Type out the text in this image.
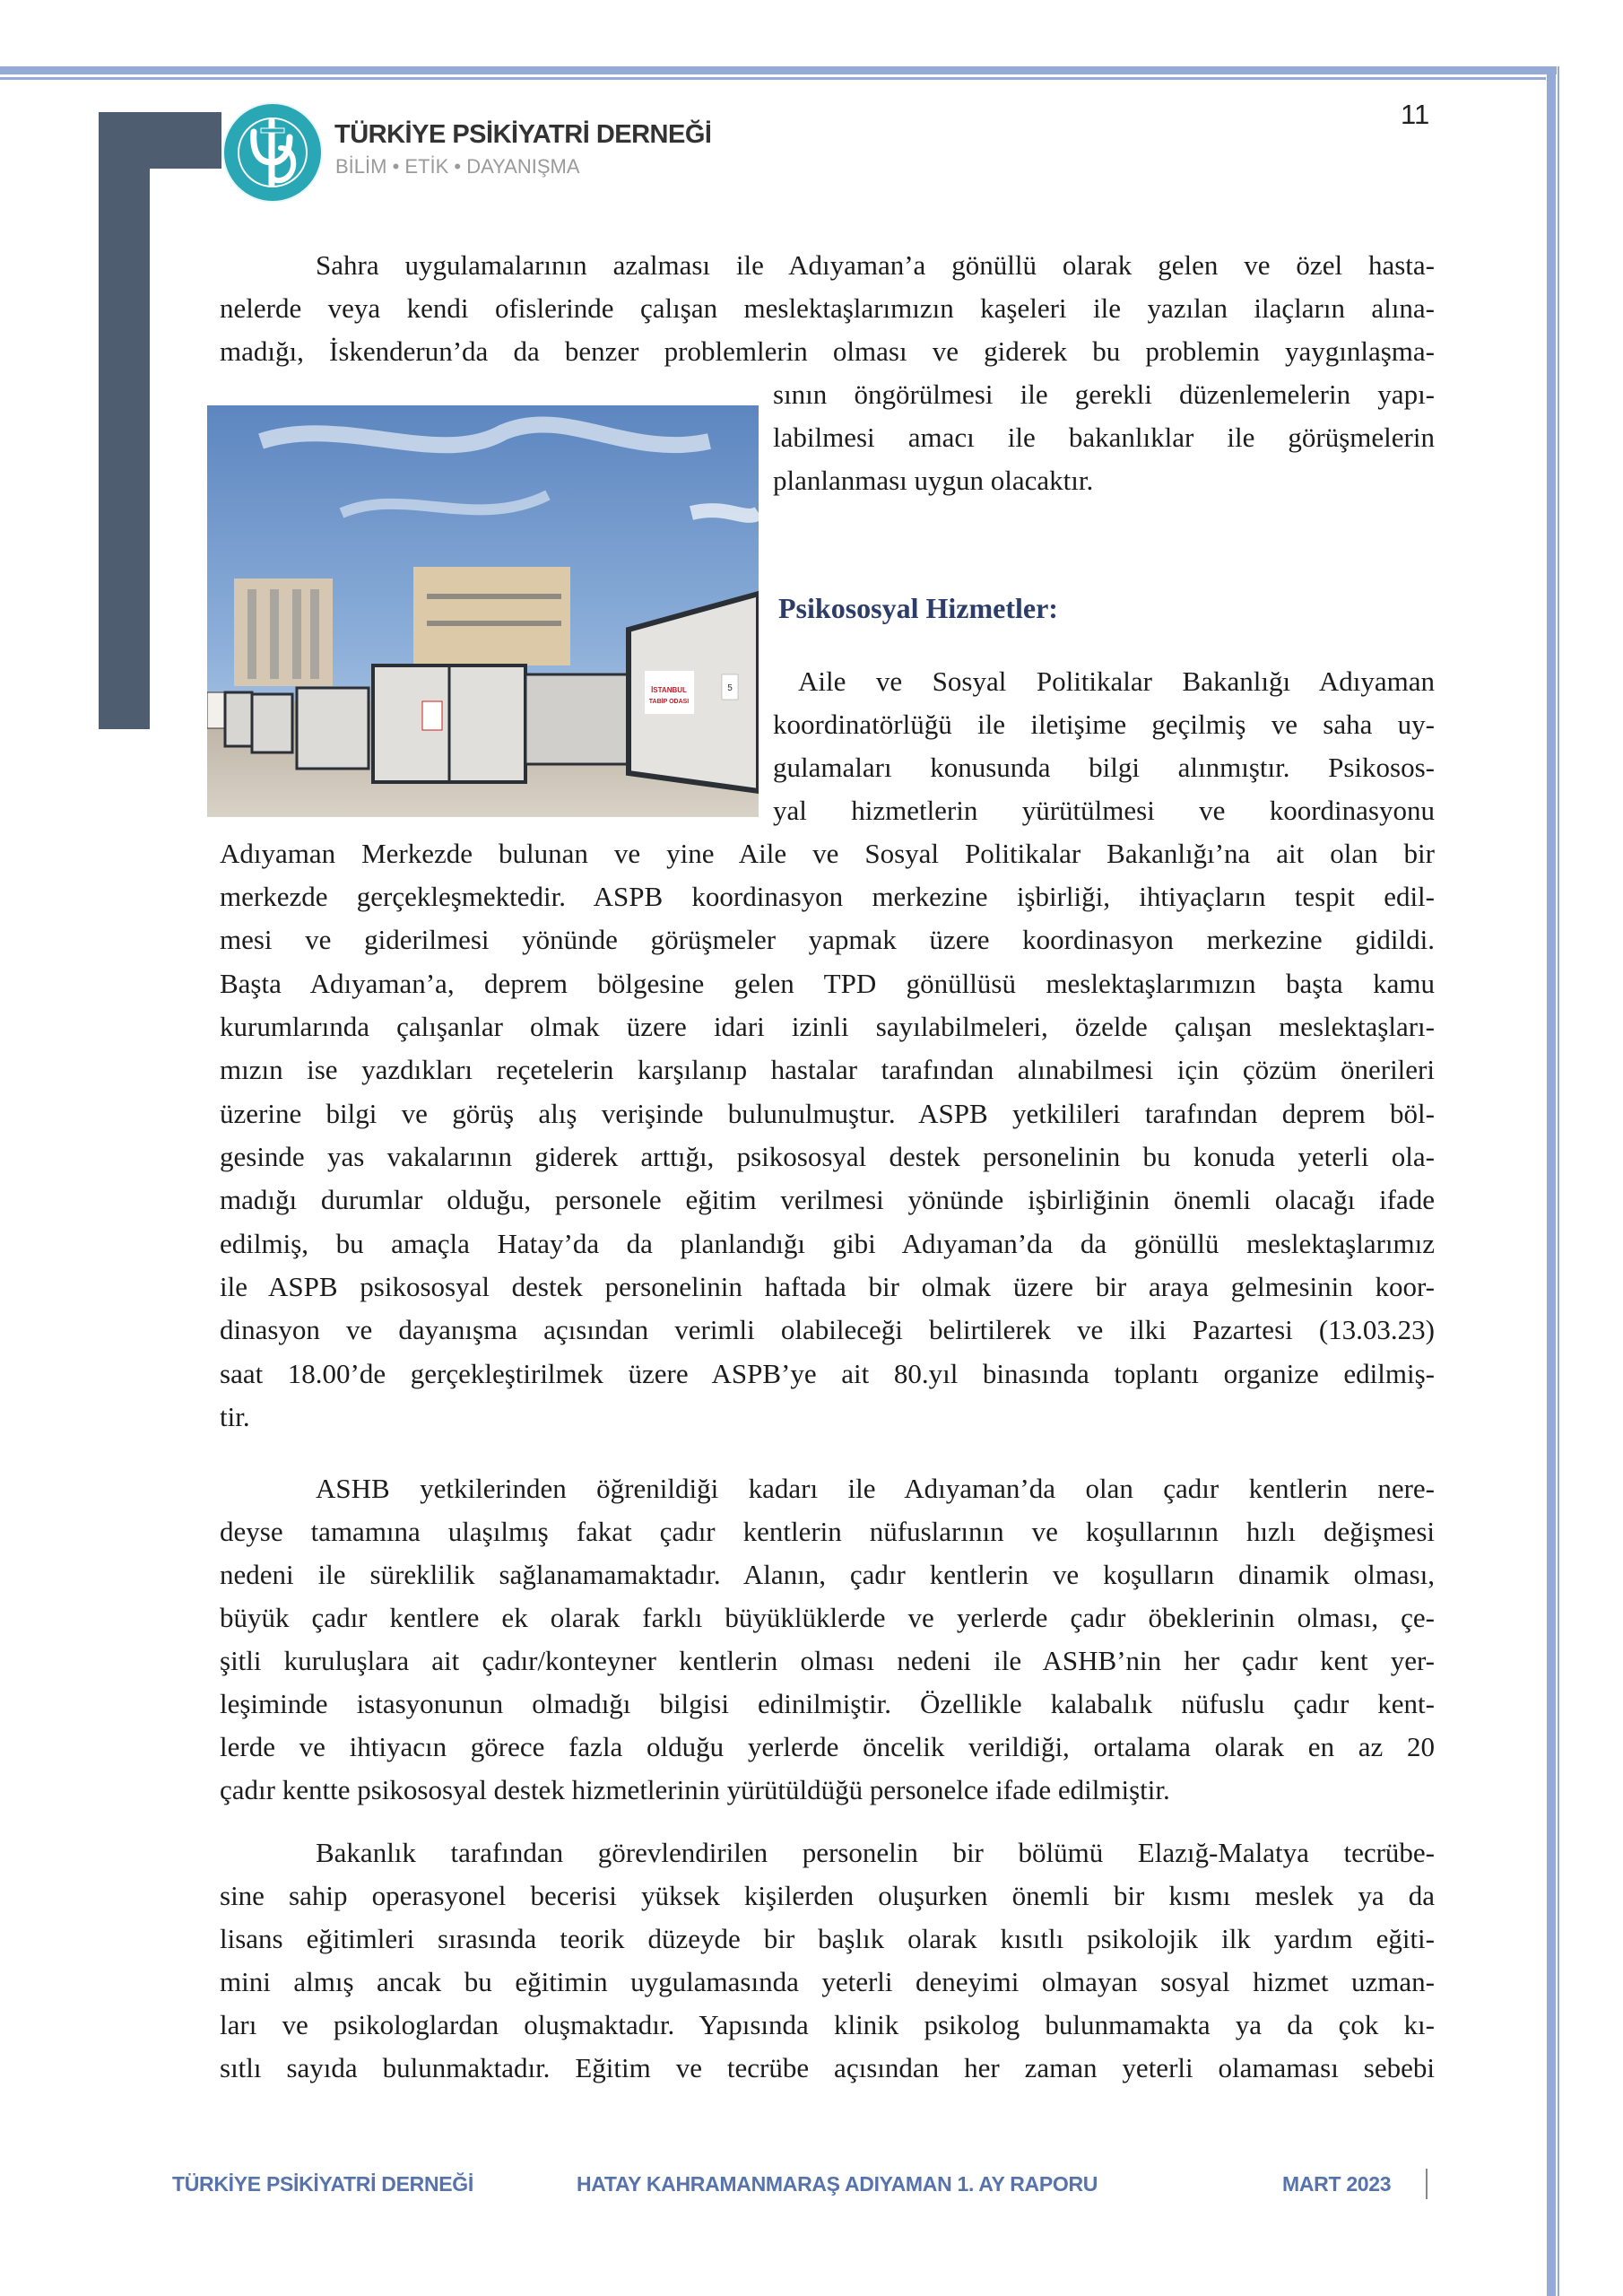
TÜRKİYE PSİKİYATRİ DERNEĞİ
BİLİM • ETİK • DAYANIŞMA
11
İSTANBUL
TABİP ODASI
5
Sahra uygulamalarının azalması ile Adıyaman’a gönüllü olarak gelen ve özel hasta-
nelerde veya kendi ofislerinde çalışan meslektaşlarımızın kaşeleri ile yazılan ilaçların alına-
madığı, İskenderun’da da benzer problemlerin olması ve giderek bu problemin yaygınlaşma-
sının öngörülmesi ile gerekli düzenlemelerin yapı-
labilmesi amacı ile bakanlıklar ile görüşmelerin
planlanması uygun olacaktır.
Psikososyal Hizmetler:
Aile ve Sosyal Politikalar Bakanlığı Adıyaman
koordinatörlüğü ile iletişime geçilmiş ve saha uy-
gulamaları konusunda bilgi alınmıştır. Psikosos-
yal hizmetlerin yürütülmesi ve koordinasyonu
Adıyaman Merkezde bulunan ve yine Aile ve Sosyal Politikalar Bakanlığı’na ait olan bir
merkezde gerçekleşmektedir. ASPB koordinasyon merkezine işbirliği, ihtiyaçların tespit edil-
mesi ve giderilmesi yönünde görüşmeler yapmak üzere koordinasyon merkezine gidildi.
Başta Adıyaman’a, deprem bölgesine gelen TPD gönüllüsü meslektaşlarımızın başta kamu
kurumlarında çalışanlar olmak üzere idari izinli sayılabilmeleri, özelde çalışan meslektaşları-
mızın ise yazdıkları reçetelerin karşılanıp hastalar tarafından alınabilmesi için çözüm önerileri
üzerine bilgi ve görüş alış verişinde bulunulmuştur. ASPB yetkilileri tarafından deprem böl-
gesinde yas vakalarının giderek arttığı, psikososyal destek personelinin bu konuda yeterli ola-
madığı durumlar olduğu, personele eğitim verilmesi yönünde işbirliğinin önemli olacağı ifade
edilmiş, bu amaçla Hatay’da da planlandığı gibi Adıyaman’da da gönüllü meslektaşlarımız
ile ASPB psikososyal destek personelinin haftada bir olmak üzere bir araya gelmesinin koor-
dinasyon ve dayanışma açısından verimli olabileceği belirtilerek ve ilki Pazartesi (13.03.23)
saat 18.00’de gerçekleştirilmek üzere ASPB’ye ait 80.yıl binasında toplantı organize edilmiş-
tir.
ASHB yetkilerinden öğrenildiği kadarı ile Adıyaman’da olan çadır kentlerin nere-
deyse tamamına ulaşılmış fakat çadır kentlerin nüfuslarının ve koşullarının hızlı değişmesi
nedeni ile süreklilik sağlanamamaktadır. Alanın, çadır kentlerin ve koşulların dinamik olması,
büyük çadır kentlere ek olarak farklı büyüklüklerde ve yerlerde çadır öbeklerinin olması, çe-
şitli kuruluşlara ait çadır/konteyner kentlerin olması nedeni ile ASHB’nin her çadır kent yer-
leşiminde istasyonunun olmadığı bilgisi edinilmiştir. Özellikle kalabalık nüfuslu çadır kent-
lerde ve ihtiyacın görece fazla olduğu yerlerde öncelik verildiği, ortalama olarak en az 20
çadır kentte psikososyal destek hizmetlerinin yürütüldüğü personelce ifade edilmiştir.
Bakanlık tarafından görevlendirilen personelin bir bölümü Elazığ-Malatya tecrübe-
sine sahip operasyonel becerisi yüksek kişilerden oluşurken önemli bir kısmı meslek ya da
lisans eğitimleri sırasında teorik düzeyde bir başlık olarak kısıtlı psikolojik ilk yardım eğiti-
mini almış ancak bu eğitimin uygulamasında yeterli deneyimi olmayan sosyal hizmet uzman-
ları ve psikologlardan oluşmaktadır. Yapısında klinik psikolog bulunmamakta ya da çok kı-
sıtlı sayıda bulunmaktadır. Eğitim ve tecrübe açısından her zaman yeterli olamaması sebebi
TÜRKİYE PSİKİYATRİ DERNEĞİ	HATAY KAHRAMANMARAŞ ADIYAMAN 1. AY RAPORU	MART 2023
